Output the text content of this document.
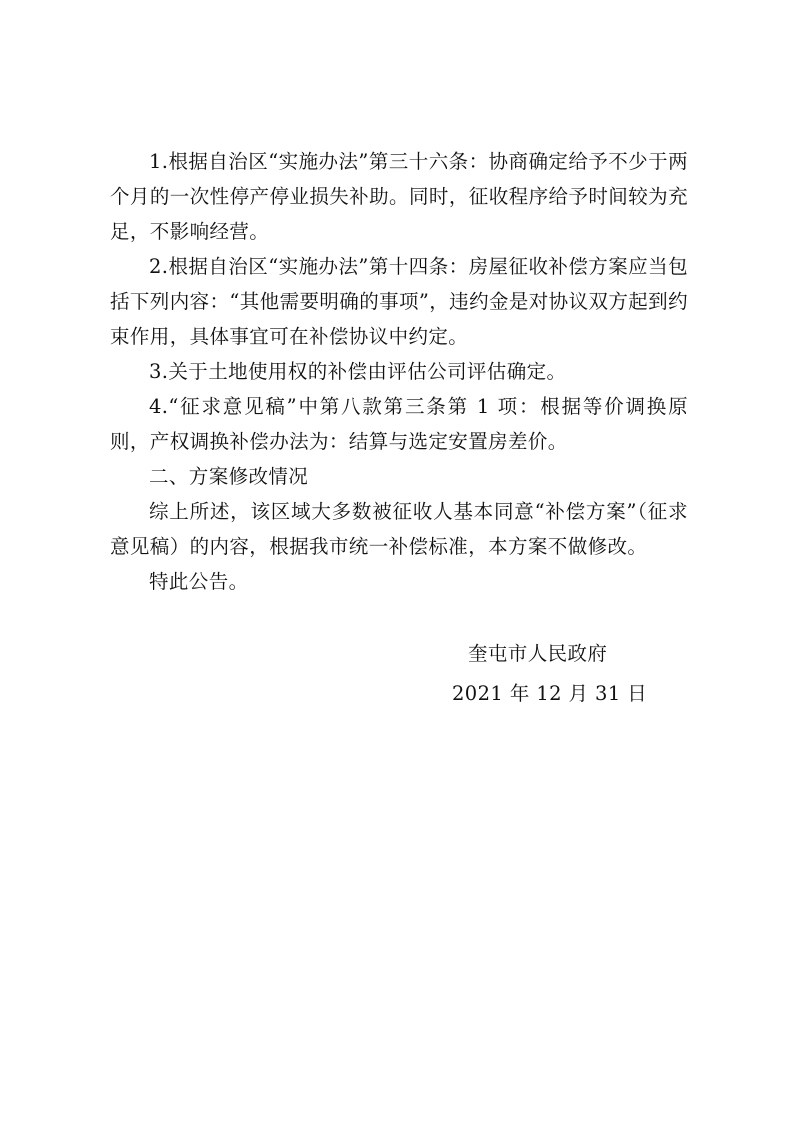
1.根据自治区“实施办法”第三十六条：协商确定给予不少于两个月的一次性停产停业损失补助。同时，征收程序给予时间较为充足，不影响经营。

2.根据自治区“实施办法”第十四条：房屋征收补偿方案应当包括下列内容：“其他需要明确的事项”，违约金是对协议双方起到约束作用，具体事宜可在补偿协议中约定。

3.关于土地使用权的补偿由评估公司评估确定。

4.“征求意见稿”中第八款第三条第 1 项：根据等价调换原则，产权调换补偿办法为：结算与选定安置房差价。

二、方案修改情况

综上所述，该区域大多数被征收人基本同意“补偿方案”（征求意见稿）的内容，根据我市统一补偿标准，本方案不做修改。

特此公告。

奎屯市人民政府
2021 年 12 月 31 日
